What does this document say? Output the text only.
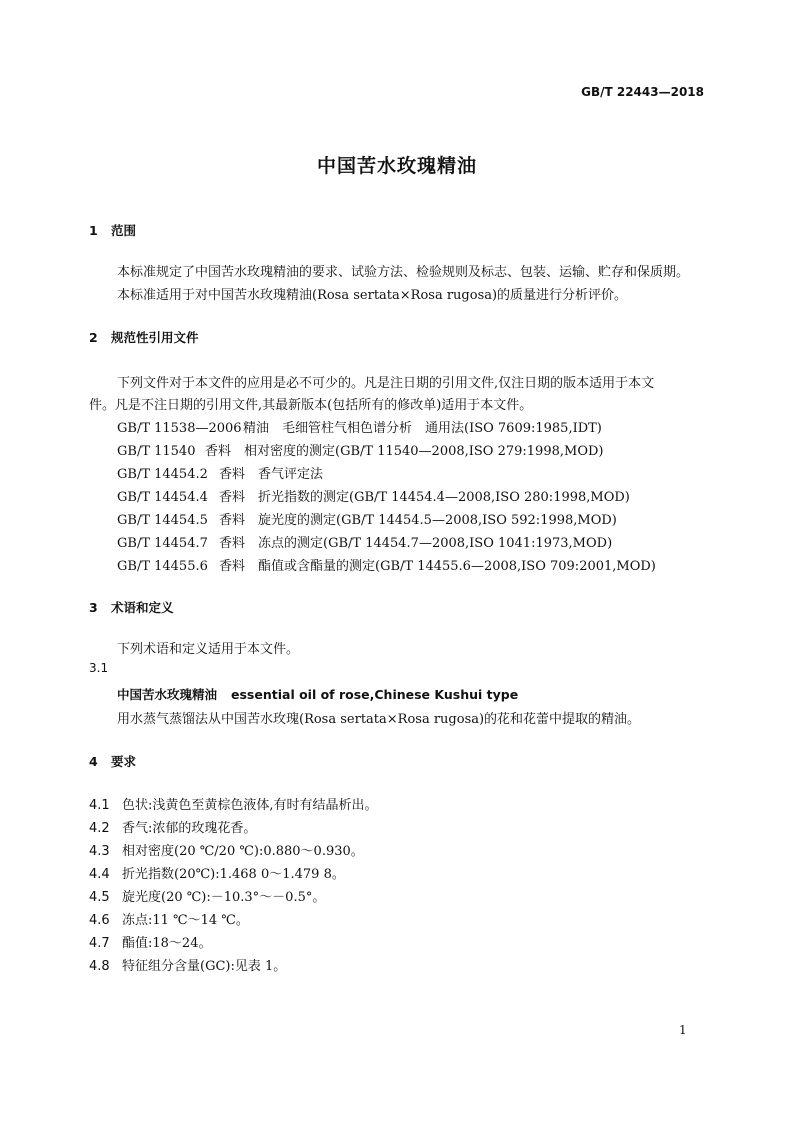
GB/T 22443—2018
中国苦水玫瑰精油
1 范围
本标准规定了中国苦水玫瑰精油的要求、试验方法、检验规则及标志、包装、运输、贮存和保质期。
本标准适用于对中国苦水玫瑰精油(Rosa sertata×Rosa rugosa)的质量进行分析评价。
2 规范性引用文件
下列文件对于本文件的应用是必不可少的。凡是注日期的引用文件,仅注日期的版本适用于本文
件。凡是不注日期的引用文件,其最新版本(包括所有的修改单)适用于本文件。
GB/T 11538—2006精油　毛细管柱气相色谱分析　通用法(ISO 7609:1985,IDT)
GB/T 11540 香料　相对密度的测定(GB/T 11540—2008,ISO 279:1998,MOD)
GB/T 14454.2 香料　香气评定法
GB/T 14454.4 香料　折光指数的测定(GB/T 14454.4—2008,ISO 280:1998,MOD)
GB/T 14454.5 香料　旋光度的测定(GB/T 14454.5—2008,ISO 592:1998,MOD)
GB/T 14454.7 香料　冻点的测定(GB/T 14454.7—2008,ISO 1041:1973,MOD)
GB/T 14455.6 香料　酯值或含酯量的测定(GB/T 14455.6—2008,ISO 709:2001,MOD)
3 术语和定义
下列术语和定义适用于本文件。
3.1
中国苦水玫瑰精油 essential oil of rose,Chinese Kushui type
用水蒸气蒸馏法从中国苦水玫瑰(Rosa sertata×Rosa rugosa)的花和花蕾中提取的精油。
4 要求
4.1 色状:浅黄色至黄棕色液体,有时有结晶析出。
4.2 香气:浓郁的玫瑰花香。
4.3 相对密度(20 ℃/20 ℃):0.880～0.930。
4.4 折光指数(20℃):1.468 0～1.479 8。
4.5 旋光度(20 ℃):－10.3°～－0.5°。
4.6 冻点:11 ℃～14 ℃。
4.7 酯值:18～24。
4.8 特征组分含量(GC):见表 1。
1
